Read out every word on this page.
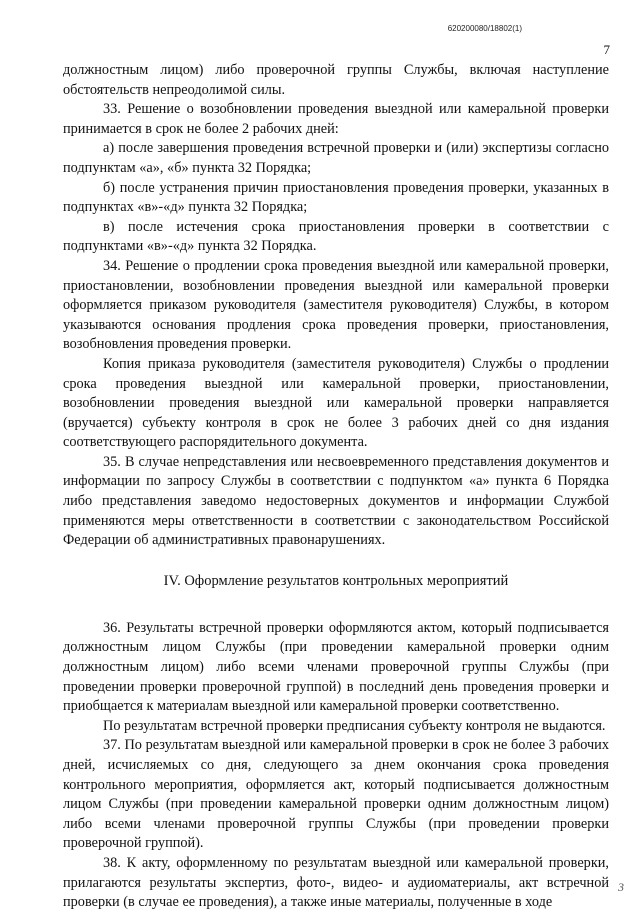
620200080/18802(1)
7

должностным лицом) либо проверочной группы Службы, включая наступление обстоятельств непреодолимой силы.

33. Решение о возобновлении проведения выездной или камеральной проверки принимается в срок не более 2 рабочих дней:

а) после завершения проведения встречной проверки и (или) экспертизы согласно подпунктам «а», «б» пункта 32 Порядка;

б) после устранения причин приостановления проведения проверки, указанных в подпунктах «в»-«д» пункта 32 Порядка;

в) после истечения срока приостановления проверки в соответствии с подпунктами «в»-«д» пункта 32 Порядка.

34. Решение о продлении срока проведения выездной или камеральной проверки, приостановлении, возобновлении проведения выездной или камеральной проверки оформляется приказом руководителя (заместителя руководителя) Службы, в котором указываются основания продления срока проведения проверки, приостановления, возобновления проведения проверки.

Копия приказа руководителя (заместителя руководителя) Службы о продлении срока проведения выездной или камеральной проверки, приостановлении, возобновлении проведения выездной или камеральной проверки направляется (вручается) субъекту контроля в срок не более 3 рабочих дней со дня издания соответствующего распорядительного документа.

35. В случае непредставления или несвоевременного представления документов и информации по запросу Службы в соответствии с подпунктом «а» пункта 6 Порядка либо представления заведомо недостоверных документов и информации Службой применяются меры ответственности в соответствии с законодательством Российской Федерации об административных правонарушениях.

IV. Оформление результатов контрольных мероприятий

36. Результаты встречной проверки оформляются актом, который подписывается должностным лицом Службы (при проведении камеральной проверки одним должностным лицом) либо всеми членами проверочной группы Службы (при проведении проверки проверочной группой) в последний день проведения проверки и приобщается к материалам выездной или камеральной проверки соответственно.

По результатам встречной проверки предписания субъекту контроля не выдаются.

37. По результатам выездной или камеральной проверки в срок не более 3 рабочих дней, исчисляемых со дня, следующего за днем окончания срока проведения контрольного мероприятия, оформляется акт, который подписывается должностным лицом Службы (при проведении камеральной проверки одним должностным лицом) либо всеми членами проверочной группы Службы (при проведении проверки проверочной группой).

38. К акту, оформленному по результатам выездной или камеральной проверки, прилагаются результаты экспертиз, фото-, видео- и аудиоматериалы, акт встречной проверки (в случае ее проведения), а также иные материалы, полученные в ходе

3
